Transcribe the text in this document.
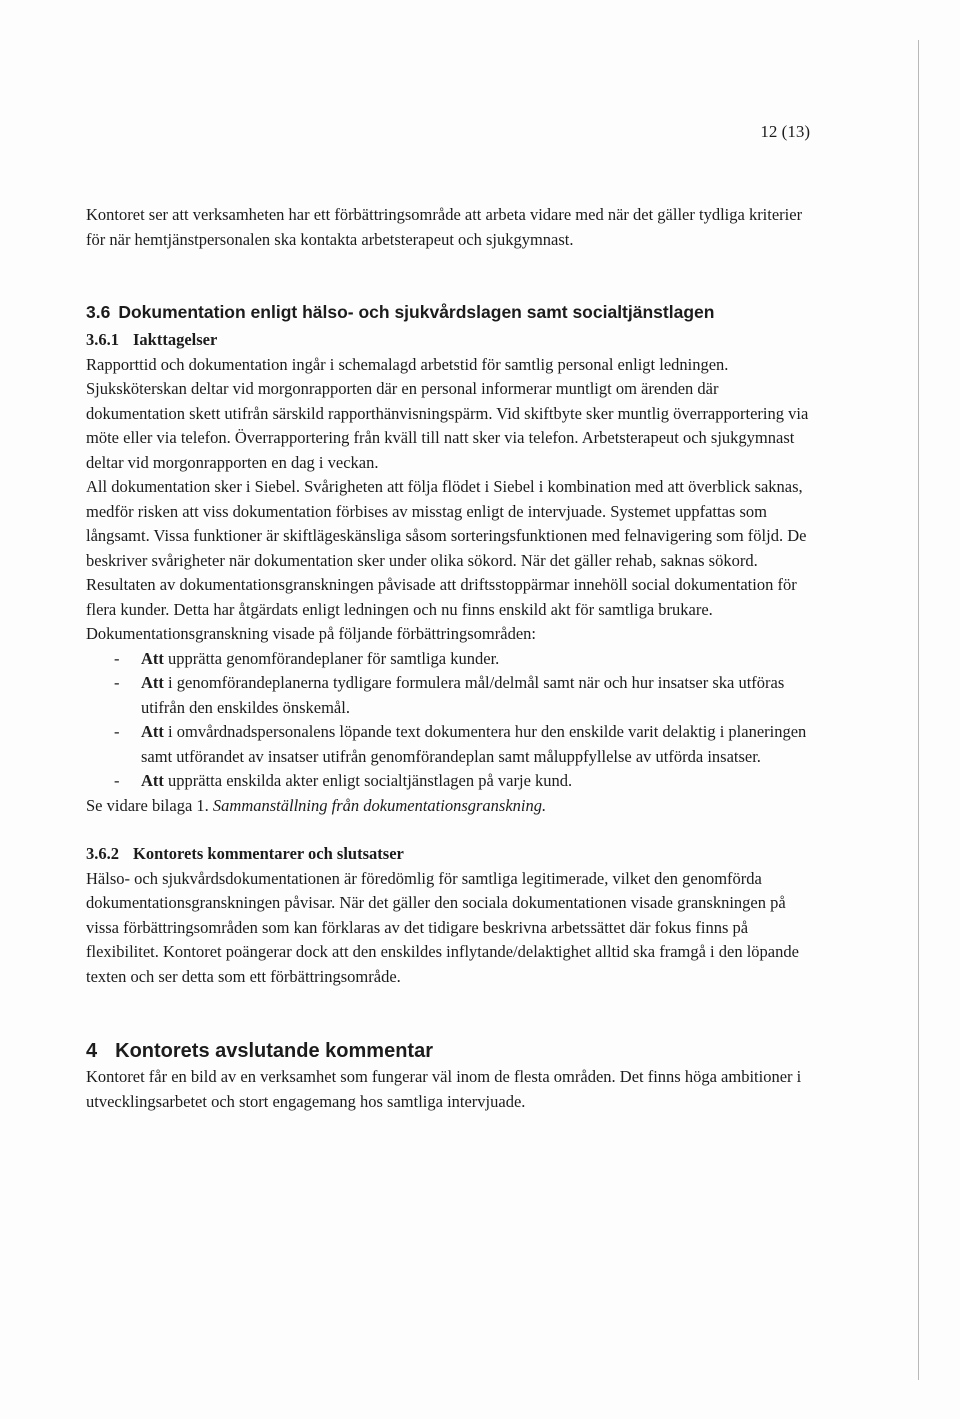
12 (13)

Kontoret ser att verksamheten har ett förbättringsområde att arbeta vidare med när det gäller tydliga kriterier för när hemtjänstpersonalen ska kontakta arbetsterapeut och sjukgymnast.

3.6 Dokumentation enligt hälso- och sjukvårdslagen samt socialtjänstlagen
3.6.1 Iakttagelser

Rapporttid och dokumentation ingår i schemalagd arbetstid för samtlig personal enligt ledningen. Sjuksköterskan deltar vid morgonrapporten där en personal informerar muntligt om ärenden där dokumentation skett utifrån särskild rapporthänvisningspärm. Vid skiftbyte sker muntlig överrapportering via möte eller via telefon. Överrapportering från kväll till natt sker via telefon. Arbetsterapeut och sjukgymnast deltar vid morgonrapporten en dag i veckan.

All dokumentation sker i Siebel. Svårigheten att följa flödet i Siebel i kombination med att överblick saknas, medför risken att viss dokumentation förbises av misstag enligt de intervjuade. Systemet uppfattas som långsamt. Vissa funktioner är skiftlägeskänsliga såsom sorteringsfunktionen med felnavigering som följd. De beskriver svårigheter när dokumentation sker under olika sökord. När det gäller rehab, saknas sökord.

Resultaten av dokumentationsgranskningen påvisade att driftsstoppärmar innehöll social dokumentation för flera kunder. Detta har åtgärdats enligt ledningen och nu finns enskild akt för samtliga brukare.

Dokumentationsgranskning visade på följande förbättringsområden:

- Att upprätta genomförandeplaner för samtliga kunder.
- Att i genomförandeplanerna tydligare formulera mål/delmål samt när och hur insatser ska utföras utifrån den enskildes önskemål.
- Att i omvårdnadspersonalens löpande text dokumentera hur den enskilde varit delaktig i planeringen samt utförandet av insatser utifrån genomförandeplan samt måluppfyllelse av utförda insatser.
- Att upprätta enskilda akter enligt socialtjänstlagen på varje kund.

Se vidare bilaga 1. Sammanställning från dokumentationsgranskning.

3.6.2 Kontorets kommentarer och slutsatser

Hälso- och sjukvårdsdokumentationen är föredömlig för samtliga legitimerade, vilket den genomförda dokumentationsgranskningen påvisar. När det gäller den sociala dokumentationen visade granskningen på vissa förbättringsområden som kan förklaras av det tidigare beskrivna arbetssättet där fokus finns på flexibilitet. Kontoret poängerar dock att den enskildes inflytande/delaktighet alltid ska framgå i den löpande texten och ser detta som ett förbättringsområde.

4 Kontorets avslutande kommentar

Kontoret får en bild av en verksamhet som fungerar väl inom de flesta områden. Det finns höga ambitioner i utvecklingsarbetet och stort engagemang hos samtliga intervjuade.
